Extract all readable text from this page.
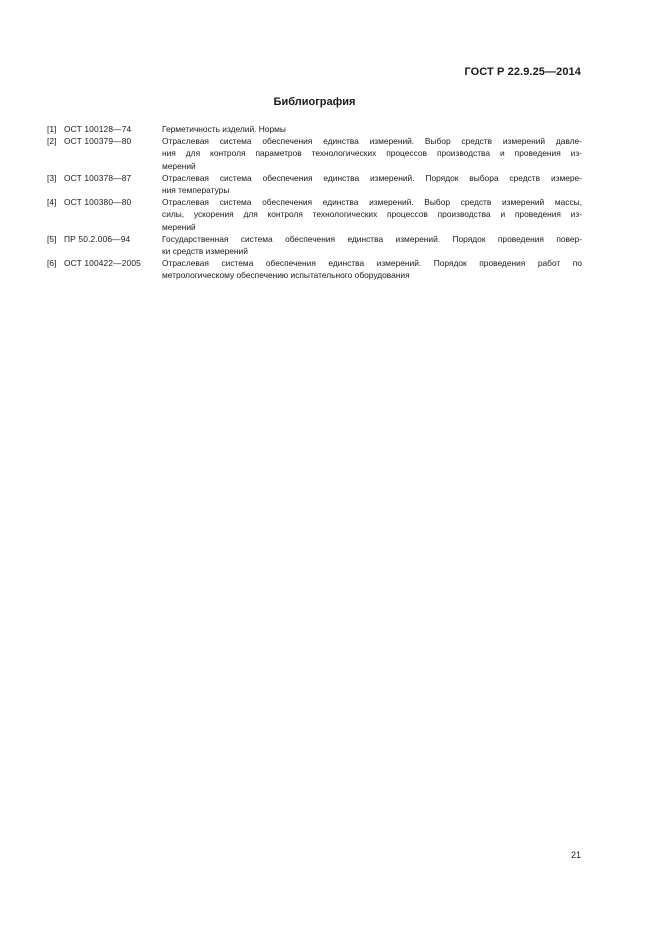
ГОСТ Р 22.9.25—2014
Библиография
[1] ОСТ 100128—74	Герметичность изделий. Нормы
[2] ОСТ 100379—80	Отраслевая система обеспечения единства измерений. Выбор средств измерений давле-
ния для контроля параметров технологических процессов производства и проведения из-
мерений
[3] ОСТ 100378—87	Отраслевая система обеспечения единства измерений. Порядок выбора средств измере-
ния температуры
[4] ОСТ 100380—80	Отраслевая система обеспечения единства измерений. Выбор средств измерений массы,
силы, ускорения для контроля технологических процессов производства и проведения из-
мерений
[5] ПР 50.2.006—94	Государственная система обеспечения единства измерений. Порядок проведения повер-
ки средств измерений
[6] ОСТ 100422—2005	Отраслевая система обеспечения единства измерений. Порядок проведения работ по
метрологическому обеспечению испытательного оборудования
21
